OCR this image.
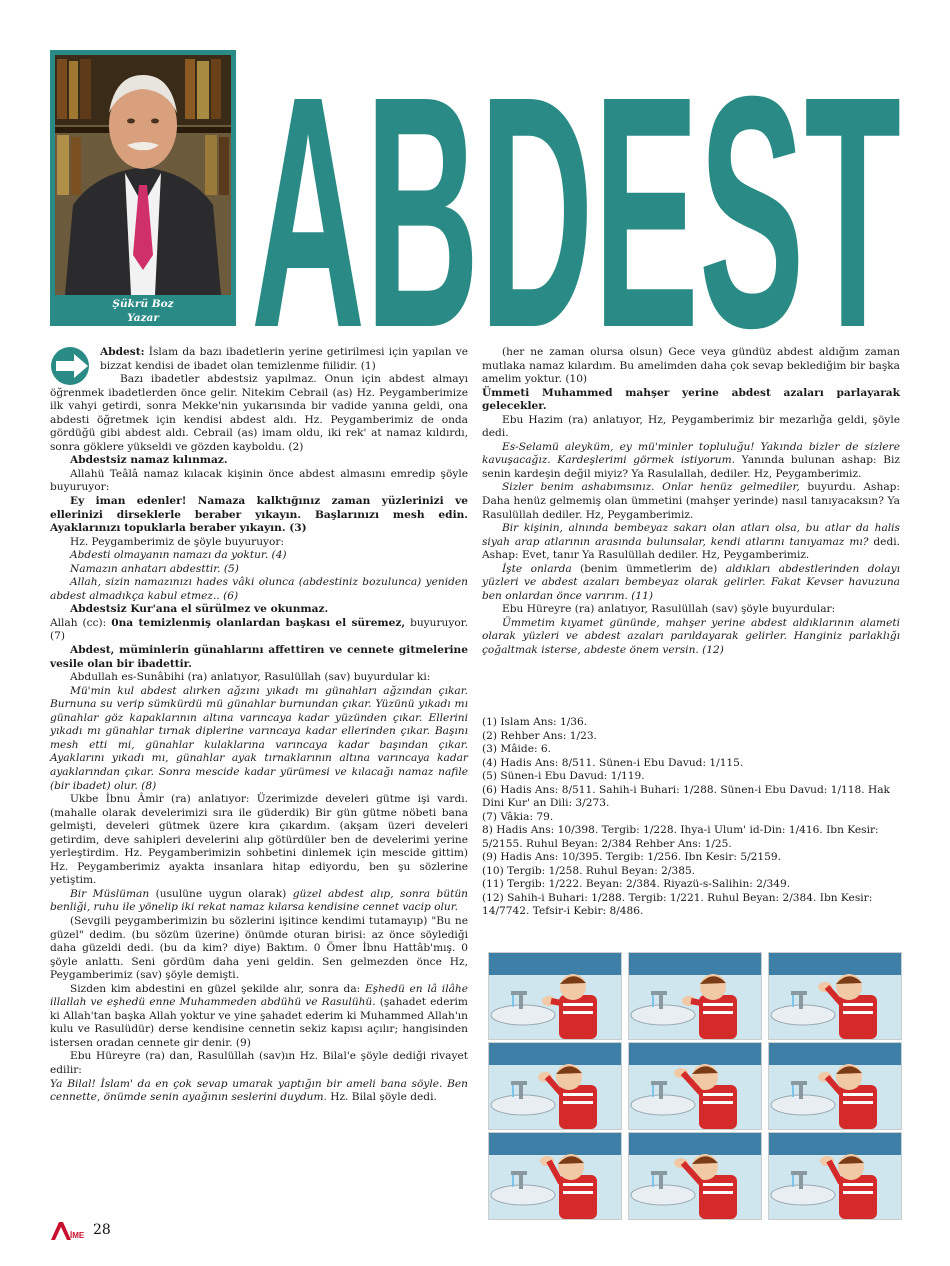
Şükrü Boz
Yazar ABDEST

Abdest: İslam da bazı ibadetlerin yerine getirilmesi için yapılan ve bizzat kendisi de ibadet olan temizlenme fiilidir. (1)

Bazı ibadetler abdestsiz yapılmaz. Onun için abdest almayı öğrenmek ibadetlerden önce gelir. Nitekim Cebrail (as) Hz. Peygamberimize ilk vahyi getirdi, sonra Mekke'nin yukarısında bir vadide yanına geldi, ona abdesti öğretmek için kendisi abdest aldı. Hz. Peygamberimiz de onda gördüğü gibi abdest aldı. Cebrail (as) imam oldu, iki rek' at namaz kıldırdı, sonra göklere yükseldi ve gözden kayboldu. (2)

Abdestsiz namaz kılınmaz.

Allahü Teâlâ namaz kılacak kişinin önce abdest almasını emredip şöyle buyuruyor:

Ey iman edenler! Namaza kalktığınız zaman yüzlerinizi ve ellerinizi dirseklerle beraber yıkayın. Başlarınızı mesh edin. Ayaklarınızı topuklarla beraber yıkayın. (3)

Hz. Peygamberimiz de şöyle buyuruyor:

Abdesti olmayanın namazı da yoktur. (4)

Namazın anhatarı abdesttir. (5)

Allah, sizin namazınızı hades vâki olunca (abdestiniz bozulunca) yeniden abdest almadıkça kabul etmez.. (6)

Abdestsiz Kur'ana el sürülmez ve okunmaz.

Allah (cc): 0na temizlenmiş olanlardan başkası el süremez, buyuruyor. (7)

Abdest, müminlerin günahlarını affettiren ve cennete gitmelerine vesile olan bir ibadettir.

Abdullah es-Sunâbihi (ra) anlatıyor, Rasulüllah (sav) buyurdular ki:

Mü'min kul abdest alırken ağzını yıkadı mı günahları ağzından çıkar. Burnuna su verip sümkürdü mü günahlar burnundan çıkar. Yüzünü yıkadı mı günahlar göz kapaklarının altına varıncaya kadar yüzünden çıkar. Ellerini yıkadı mı günahlar tırnak diplerine varıncaya kadar ellerinden çıkar. Başını mesh etti mi, günahlar kulaklarına varıncaya kadar başından çıkar. Ayaklarını yıkadı mı, günahlar ayak tırnaklarının altına varıncaya kadar ayaklarından çıkar. Sonra mescide kadar yürümesi ve kılacağı namaz nafile (bir ibadet) olur. (8)

Ukbe İbnu Âmir (ra) anlatıyor: Üzerimizde develeri gütme işi vardı. (mahalle olarak develerimizi sıra ile güderdik) Bir gün gütme nöbeti bana gelmişti, develeri gütmek üzere kıra çıkardım. (akşam üzeri develeri getirdim, deve sahipleri develerini alıp götürdüler ben de develerimi yerine yerleştirdim. Hz. Peygamberimizin sohbetini dinlemek için mescide gittim) Hz. Peygamberimiz ayakta insanlara hitap ediyordu, ben şu sözlerine yetiştim.

Bir Müslüman (usulüne uygun olarak) güzel abdest alıp, sonra bütün benliği, ruhu ile yönelip iki rekat namaz kılarsa kendisine cennet vacip olur.

(Sevgili peygamberimizin bu sözlerini işitince kendimi tutamayıp) "Bu ne güzel" dedim. (bu sözüm üzerine) önümde oturan birisi: az önce söylediği daha güzeldi dedi. (bu da kim? diye) Baktım. 0 Ömer İbnu Hattâb'mış. 0 şöyle anlattı. Seni gördüm daha yeni geldin. Sen gelmezden önce Hz, Peygamberimiz (sav) şöyle demişti.

Sizden kim abdestini en güzel şekilde alır, sonra da: Eşhedü en lâ ilâhe illallah ve eşhedü enne Muhammeden abdühü ve Rasulühü. (şahadet ederim ki Allah'tan başka Allah yoktur ve yine şahadet ederim ki Muhammed Allah'ın kulu ve Rasulüdür) derse kendisine cennetin sekiz kapısı açılır; hangisinden istersen oradan cennete gir denir. (9)

Ebu Hüreyre (ra) dan, Rasulüllah (sav)ın Hz. Bilal'e şöyle dediği rivayet edilir:

Ya Bilal! İslam' da en çok sevap umarak yaptığın bir ameli bana söyle. Ben cennette, önümde senin ayağının seslerini duydum. Hz. Bilal şöyle dedi.

(her ne zaman olursa olsun) Gece veya gündüz abdest aldığım zaman mutlaka namaz kılardım. Bu amelimden daha çok sevap beklediğim bir başka amelim yoktur. (10)

Ümmeti Muhammed mahşer yerine abdest azaları parlayarak gelecekler.

Ebu Hazim (ra) anlatıyor, Hz, Peygamberimiz bir mezarlığa geldi, şöyle dedi.

Es-Selamü aleyküm, ey mü'minler topluluğu! Yakında bizler de sizlere kavuşacağız. Kardeşlerimi görmek istiyorum. Yanında bulunan ashap: Biz senin kardeşin değil miyiz? Ya Rasulallah, dediler. Hz, Peygamberimiz.

Sizler benim ashabımsınız. Onlar henüz gelmediler, buyurdu. Ashap: Daha henüz gelmemiş olan ümmetini (mahşer yerinde) nasıl tanıyacaksın? Ya Rasulüllah dediler. Hz, Peygamberimiz.

Bir kişinin, alnında bembeyaz sakarı olan atları olsa, bu atlar da halis siyah arap atlarının arasında bulunsalar, kendi atlarını tanıyamaz mı? dedi. Ashap: Evet, tanır Ya Rasulüllah dediler. Hz, Peygamberimiz.

İşte onlarda (benim ümmetlerim de) aldıkları abdestlerinden dolayı yüzleri ve abdest azaları bembeyaz olarak gelirler. Fakat Kevser havuzuna ben onlardan önce varırım. (11)

Ebu Hüreyre (ra) anlatıyor, Rasulüllah (sav) şöyle buyurdular:

Ümmetim kıyamet gününde, mahşer yerine abdest aldıklarının alameti olarak yüzleri ve abdest azaları parıldayarak gelirler. Hanginiz parlaklığı çoğaltmak isterse, abdeste önem versin. (12)

(1) Islam Ans: 1/36.

(2) Rehber Ans: 1/23.

(3) Mâide: 6.

(4) Hadis Ans: 8/511. Sünen-i Ebu Davud: 1/115.

(5) Sünen-i Ebu Davud: 1/119.

(6) Hadis Ans: 8/511. Sahih-i Buhari: 1/288. Sünen-i Ebu Davud: 1/118. Hak Dini Kur' an Dili: 3/273.

(7) Vâkia: 79.

8) Hadis Ans: 10/398. Tergib: 1/228. Ihya-i Ulum' id-Din: 1/416. Ibn Kesir: 5/2155. Ruhul Beyan: 2/384 Rehber Ans: 1/25.

(9) Hadis Ans: 10/395. Tergib: 1/256. Ibn Kesir: 5/2159.

(10) Tergib: 1/258. Ruhul Beyan: 2/385.

(11) Tergib: 1/222. Beyan: 2/384. Riyazü-s-Salihin: 2/349.

(12) Sahih-i Buhari: 1/288. Tergib: 1/221. Ruhul Beyan: 2/384. Ibn Kesir: 14/7742. Tefsir-i Kebir: 8/486.

İME 28
